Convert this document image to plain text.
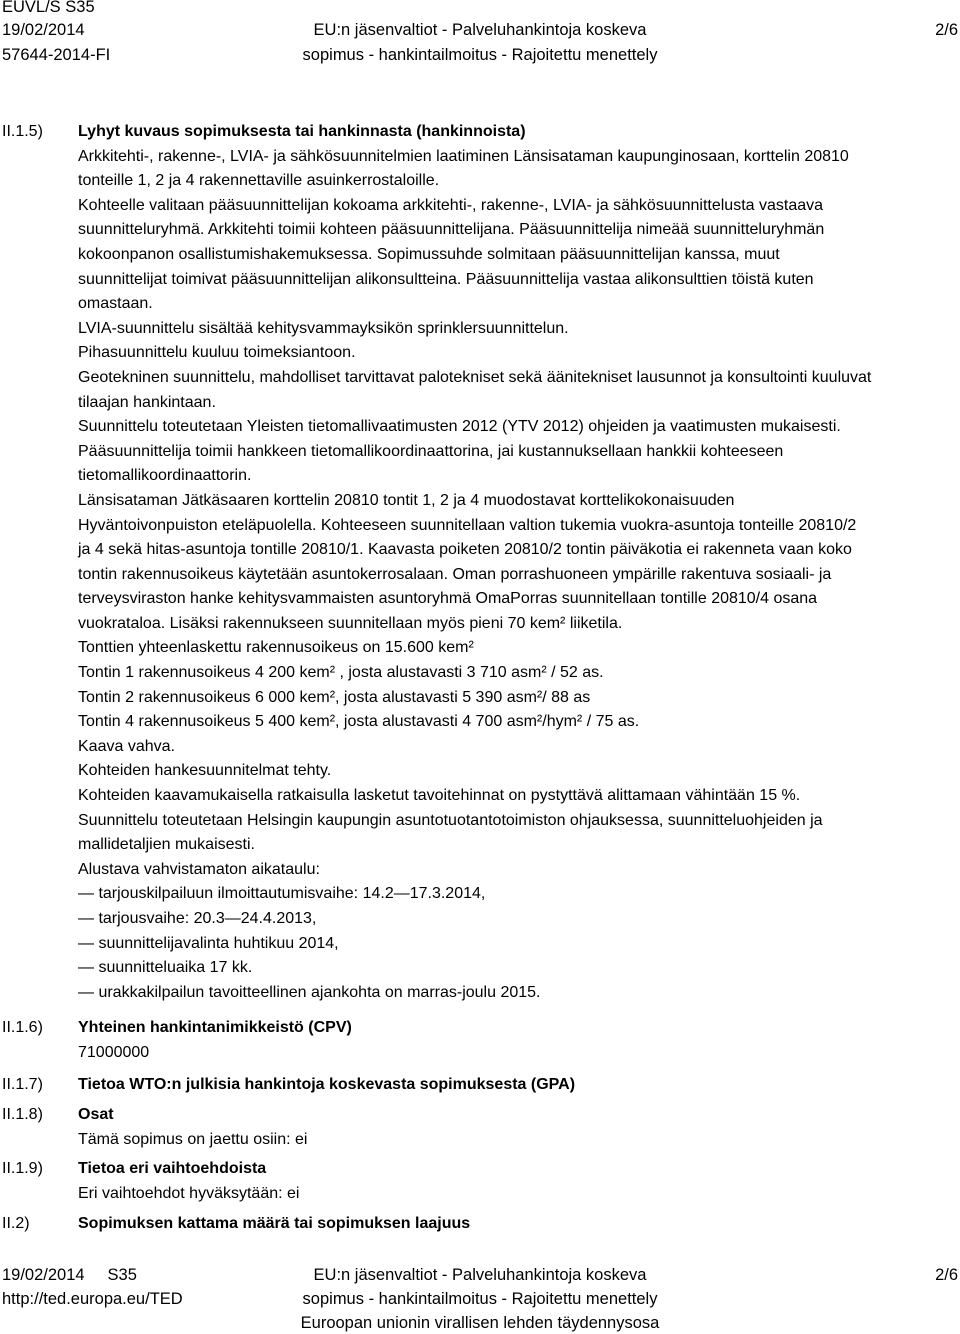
EUVL/S S35
19/02/2014
57644-2014-FI
EU:n jäsenvaltiot - Palveluhankintoja koskeva
sopimus - hankintailmoitus - Rajoitettu menettely
2/6
II.1.5)
II.1.6)
II.1.7)
II.1.8)
II.1.9)
II.2)
Lyhyt kuvaus sopimuksesta tai hankinnasta (hankinnoista)
Arkkitehti-, rakenne-, LVIA- ja sähkösuunnitelmien laatiminen Länsisataman kaupunginosaan, korttelin 20810
tonteille 1, 2 ja 4 rakennettaville asuinkerrostaloille.
Kohteelle valitaan pääsuunnittelijan kokoama arkkitehti-, rakenne-, LVIA- ja sähkösuunnittelusta vastaava
suunnitteluryhmä. Arkkitehti toimii kohteen pääsuunnittelijana. Pääsuunnittelija nimeää suunnitteluryhmän
kokoonpanon osallistumishakemuksessa. Sopimussuhde solmitaan pääsuunnittelijan kanssa, muut
suunnittelijat toimivat pääsuunnittelijan alikonsultteina. Pääsuunnittelija vastaa alikonsulttien töistä kuten
omastaan.
LVIA-suunnittelu sisältää kehitysvammayksikön sprinklersuunnittelun.
Pihasuunnittelu kuuluu toimeksiantoon.
Geotekninen suunnittelu, mahdolliset tarvittavat palotekniset sekä äänitekniset lausunnot ja konsultointi kuuluvat
tilaajan hankintaan.
Suunnittelu toteutetaan Yleisten tietomallivaatimusten 2012 (YTV 2012) ohjeiden ja vaatimusten mukaisesti.
Pääsuunnittelija toimii hankkeen tietomallikoordinaattorina, jai kustannuksellaan hankkii kohteeseen
tietomallikoordinaattorin.
Länsisataman Jätkäsaaren korttelin 20810 tontit 1, 2 ja 4 muodostavat korttelikokonaisuuden
Hyväntoivonpuiston eteläpuolella. Kohteeseen suunnitellaan valtion tukemia vuokra-asuntoja tonteille 20810/2
ja 4 sekä hitas-asuntoja tontille 20810/1. Kaavasta poiketen 20810/2 tontin päiväkotia ei rakenneta vaan koko
tontin rakennusoikeus käytetään asuntokerrosalaan. Oman porrashuoneen ympärille rakentuva sosiaali- ja
terveysviraston hanke kehitysvammaisten asuntoryhmä OmaPorras suunnitellaan tontille 20810/4 osana
vuokrataloa. Lisäksi rakennukseen suunnitellaan myös pieni 70 kem² liiketila.
Tonttien yhteenlaskettu rakennusoikeus on 15.600 kem²
Tontin 1 rakennusoikeus 4 200 kem² , josta alustavasti 3 710 asm² / 52 as.
Tontin 2 rakennusoikeus 6 000 kem², josta alustavasti 5 390 asm²/ 88 as
Tontin 4 rakennusoikeus 5 400 kem², josta alustavasti 4 700 asm²/hym² / 75 as.
Kaava vahva.
Kohteiden hankesuunnitelmat tehty.
Kohteiden kaavamukaisella ratkaisulla lasketut tavoitehinnat on pystyttävä alittamaan vähintään 15 %.
Suunnittelu toteutetaan Helsingin kaupungin asuntotuotantotoimiston ohjauksessa, suunnitteluohjeiden ja
mallidetaljien mukaisesti.
Alustava vahvistamaton aikataulu:
— tarjouskilpailuun ilmoittautumisvaihe: 14.2—17.3.2014,
— tarjousvaihe: 20.3—24.4.2013,
— suunnittelijavalinta huhtikuu 2014,
— suunnitteluaika 17 kk.
— urakkakilpailun tavoitteellinen ajankohta on marras-joulu 2015.
Yhteinen hankintanimikkeistö (CPV)
71000000
Tietoa WTO:n julkisia hankintoja koskevasta sopimuksesta (GPA)
Osat
Tämä sopimus on jaettu osiin: ei
Tietoa eri vaihtoehdoista
Eri vaihtoehdot hyväksytään: ei
Sopimuksen kattama määrä tai sopimuksen laajuus
19/02/2014 S35
http://ted.europa.eu/TED
EU:n jäsenvaltiot - Palveluhankintoja koskeva
sopimus - hankintailmoitus - Rajoitettu menettely
Euroopan unionin virallisen lehden täydennysosa
2/6
